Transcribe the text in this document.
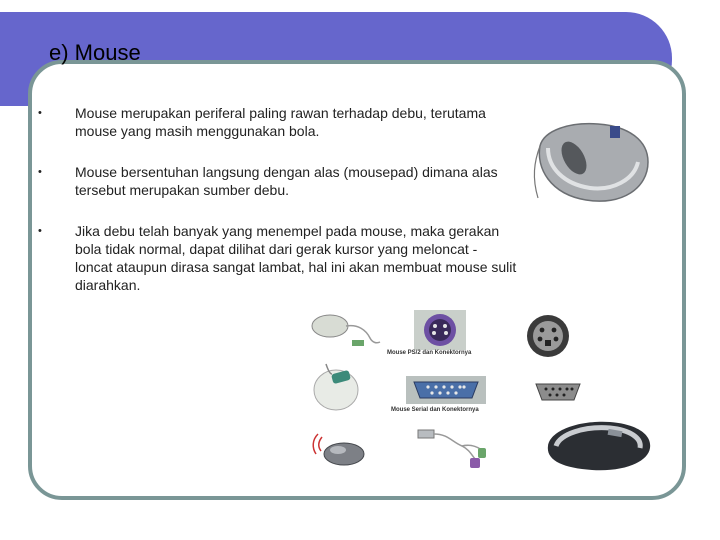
e) Mouse
• Mouse merupakan periferal paling rawan terhadap debu, terutama mouse yang masih menggunakan bola.
• Mouse bersentuhan langsung dengan alas (mousepad) dimana alas tersebut merupakan sumber debu.
• Jika debu telah banyak yang menempel pada mouse, maka gerakan bola tidak normal, dapat dilihat dari gerak kursor yang meloncat - loncat ataupun dirasa sangat lambat, hal ini akan membuat mouse sulit diarahkan.
Mouse PS/2 dan Konektornya
Mouse Serial dan Konektornya
